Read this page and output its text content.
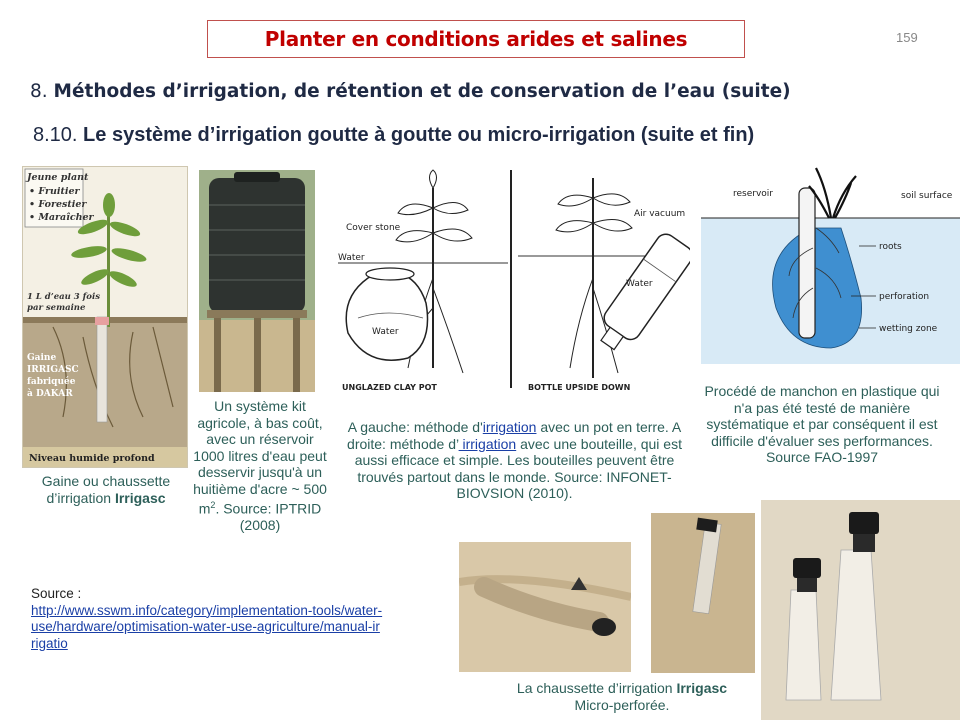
Planter en conditions arides et salines	159
8. Méthodes d’irrigation, de rétention et de conservation de l’eau (suite)
8.10. Le système d’irrigation goutte à goutte ou micro-irrigation (suite et fin)
Jeune plant
• Fruitier
• Forestier
• Maraîcher
1 L d’eau 3 fois
par semaine
Gaine
IRRIGASC
fabriquée
à DAKAR
Niveau humide profond
Gaine ou chaussette
d’irrigation Irrigasc
Un système kit agricole, à bas coût, avec un réservoir 1000 litres d'eau peut desservir jusqu'à un huitième d'acre ~ 500 $m^2$. Source: IPTRID (2008)
Cover stone
Water
Water
UNGLAZED CLAY POT
Air vacuum
Water
BOTTLE UPSIDE DOWN
A gauche: méthode d'irrigation avec un pot en terre. A droite: méthode d’ irrigation avec une bouteille, qui est aussi efficace et simple. Les bouteilles peuvent être trouvés partout dans le monde. Source: INFONET-BIOVSION (2010).
reservoir	soil surface
roots
perforation
wetting zone
Procédé de manchon en plastique qui n'a pas été testé de manière systématique et par conséquent il est difficile d'évaluer ses performances. Source FAO-1997
Source :
http://www.sswm.info/category/implementation-tools/water-use/hardware/optimisation-water-use-agriculture/manual-irrigatio
La chaussette d’irrigation Irrigasc
Micro-perforée.
